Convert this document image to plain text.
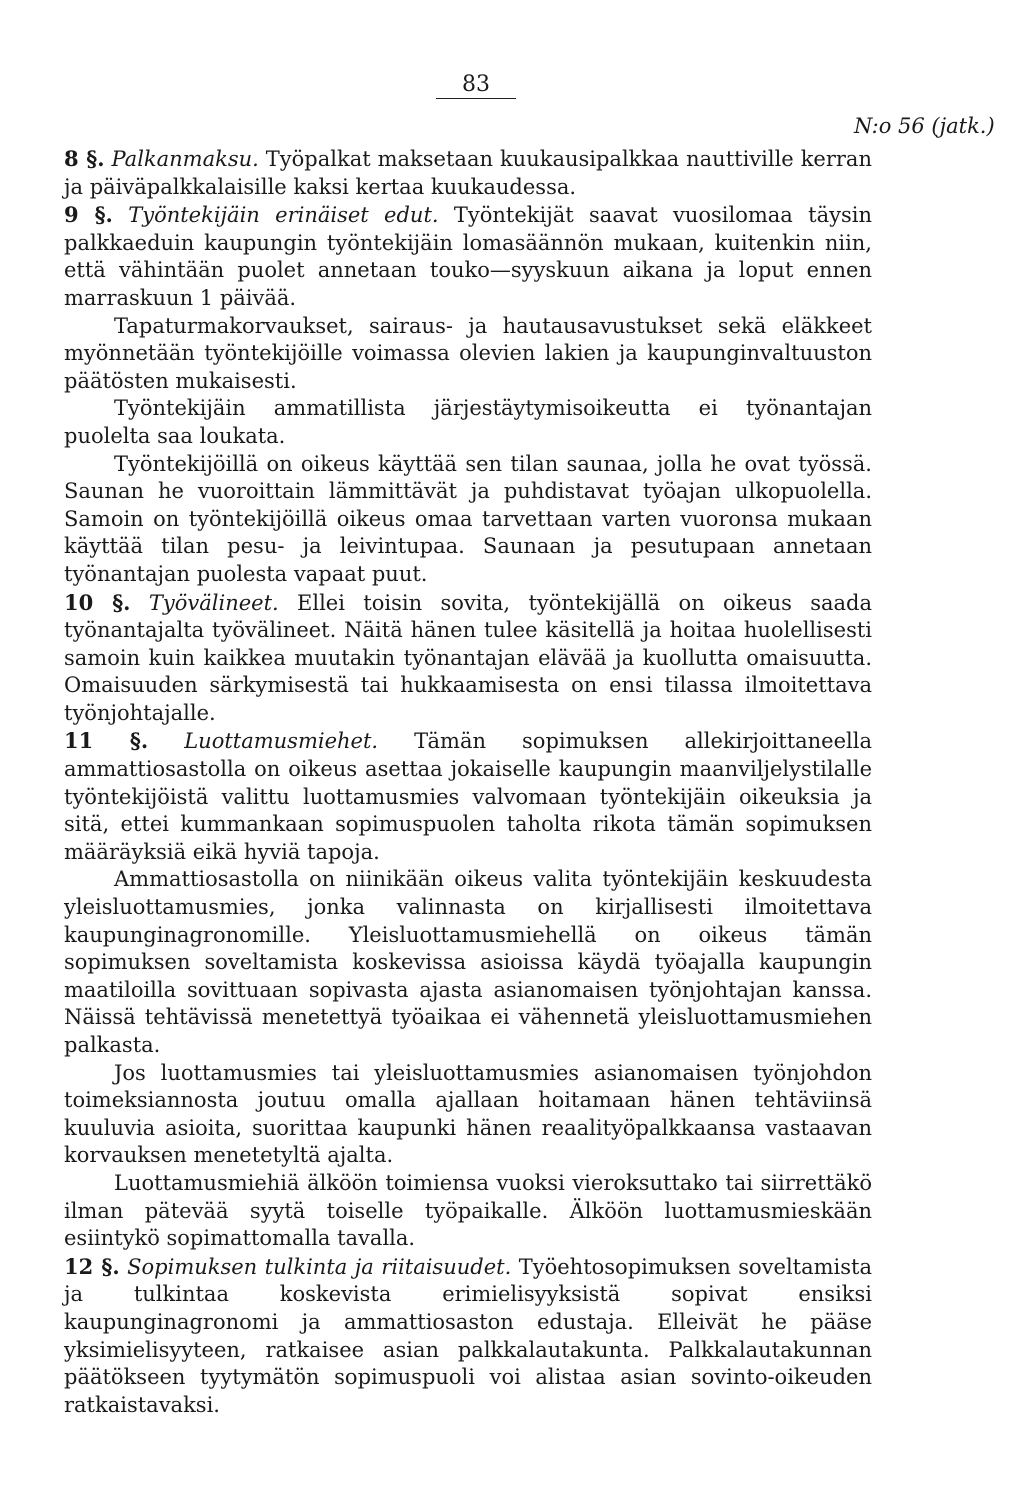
83
N:o 56 (jatk.)

8 §. Palkanmaksu. Työpalkat maksetaan kuukausipalkkaa nauttiville kerran ja päiväpalkkalaisille kaksi kertaa kuukaudessa.

9 §. Työntekijäin erinäiset edut. Työntekijät saavat vuosilomaa täysin palkkaeduin kaupungin työntekijäin lomasäännön mukaan, kuitenkin niin, että vähintään puolet annetaan touko—syyskuun aikana ja loput ennen marraskuun 1 päivää.

Tapaturmakorvaukset, sairaus- ja hautausavustukset sekä eläkkeet myönnetään työntekijöille voimassa olevien lakien ja kaupunginvaltuuston päätösten mukaisesti.

Työntekijäin ammatillista järjestäytymisoikeutta ei työnantajan puolelta saa loukata.

Työntekijöillä on oikeus käyttää sen tilan saunaa, jolla he ovat työssä. Saunan he vuoroittain lämmittävät ja puhdistavat työajan ulkopuolella. Samoin on työntekijöillä oikeus omaa tarvettaan varten vuoronsa mukaan käyttää tilan pesu- ja leivintupaa. Saunaan ja pesutupaan annetaan työnantajan puolesta vapaat puut.

10 §. Työvälineet. Ellei toisin sovita, työntekijällä on oikeus saada työnantajalta työvälineet. Näitä hänen tulee käsitellä ja hoitaa huolellisesti samoin kuin kaikkea muutakin työnantajan elävää ja kuollutta omaisuutta. Omaisuuden särkymisestä tai hukkaamisesta on ensi tilassa ilmoitettava työnjohtajalle.

11 §. Luottamusmiehet. Tämän sopimuksen allekirjoittaneella ammattiosastolla on oikeus asettaa jokaiselle kaupungin maanviljelystilalle työntekijöistä valittu luottamusmies valvomaan työntekijäin oikeuksia ja sitä, ettei kummankaan sopimuspuolen taholta rikota tämän sopimuksen määräyksiä eikä hyviä tapoja.

Ammattiosastolla on niinikään oikeus valita työntekijäin keskuudesta yleisluottamusmies, jonka valinnasta on kirjallisesti ilmoitettava kaupunginagronomille. Yleisluottamusmiehellä on oikeus tämän sopimuksen soveltamista koskevissa asioissa käydä työajalla kaupungin maatiloilla sovittuaan sopivasta ajasta asianomaisen työnjohtajan kanssa. Näissä tehtävissä menetettyä työaikaa ei vähennetä yleisluottamusmiehen palkasta.

Jos luottamusmies tai yleisluottamusmies asianomaisen työnjohdon toimeksiannosta joutuu omalla ajallaan hoitamaan hänen tehtäviinsä kuuluvia asioita, suorittaa kaupunki hänen reaalityöpalkkaansa vastaavan korvauksen menetetyltä ajalta.

Luottamusmiehiä älköön toimiensa vuoksi vieroksuttako tai siirrettäkö ilman pätevää syytä toiselle työpaikalle. Älköön luottamusmieskään esiintykö sopimattomalla tavalla.

12 §. Sopimuksen tulkinta ja riitaisuudet. Työehtosopimuksen soveltamista ja tulkintaa koskevista erimielisyyksistä sopivat ensiksi kaupunginagronomi ja ammattiosaston edustaja. Elleivät he pääse yksimielisyyteen, ratkaisee asian palkkalautakunta. Palkkalautakunnan päätökseen tyytymätön sopimuspuoli voi alistaa asian sovinto-oikeuden ratkaistavaksi.
